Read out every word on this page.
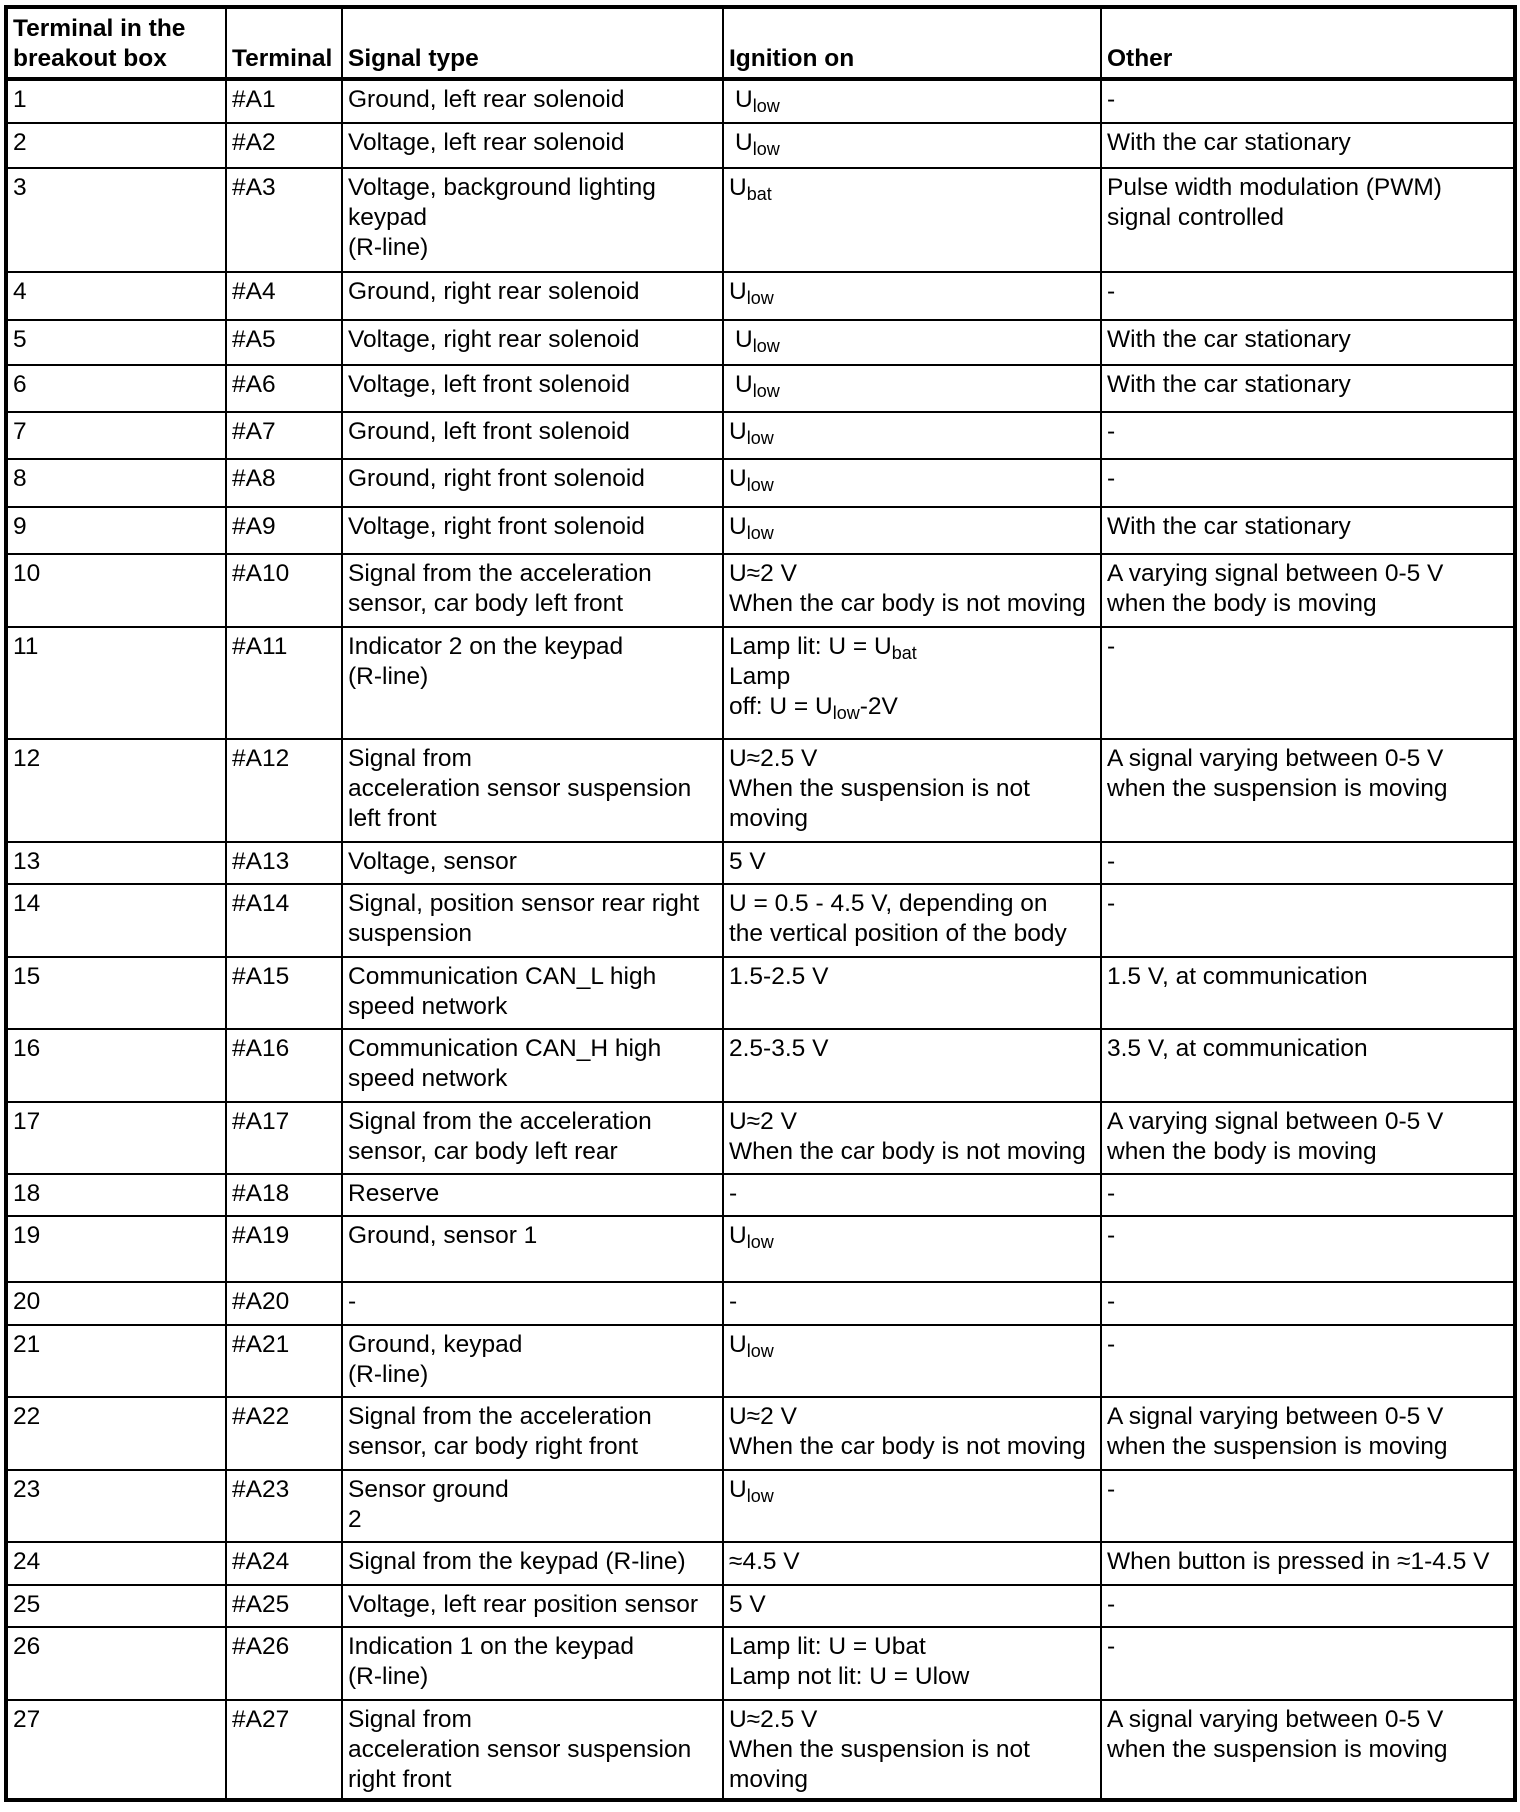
Terminal in the
breakout box	Terminal	Signal type	Ignition on	Other

1	#A1	Ground, left rear solenoid	$U_{low}$	-

2	#A2	Voltage, left rear solenoid	$U_{low}$	With the car stationary

3	#A3	Voltage, background lighting
keypad
(R-line)	$U_{bat}$	Pulse width modulation (PWM)
signal controlled

4	#A4	Ground, right rear solenoid	$U_{low}$	-

5	#A5	Voltage, right rear solenoid	$U_{low}$	With the car stationary

6	#A6	Voltage, left front solenoid	$U_{low}$	With the car stationary

7	#A7	Ground, left front solenoid	$U_{low}$	-

8	#A8	Ground, right front solenoid	$U_{low}$	-

9	#A9	Voltage, right front solenoid	$U_{low}$	With the car stationary

10	#A10	Signal from the acceleration
sensor, car body left front	U≈2 V
When the car body is not moving	A varying signal between 0-5 V
when the body is moving

11	#A11	Indicator 2 on the keypad
(R-line)	Lamp lit: $U = U_{bat}$
Lamp
off: $U = U_{low}-2V$	-

12	#A12	Signal from
acceleration sensor suspension
left front	U≈2.5 V
When the suspension is not
moving	A signal varying between 0-5 V
when the suspension is moving

13	#A13	Voltage, sensor	5 V	-

14	#A14	Signal, position sensor rear right
suspension	U = 0.5 - 4.5 V, depending on
the vertical position of the body	-

15	#A15	Communication CAN_L high
speed network	1.5-2.5 V	1.5 V, at communication

16	#A16	Communication CAN_H high
speed network	2.5-3.5 V	3.5 V, at communication

17	#A17	Signal from the acceleration
sensor, car body left rear	U≈2 V
When the car body is not moving	A varying signal between 0-5 V
when the body is moving

18	#A18	Reserve	-	-

19	#A19	Ground, sensor 1	$U_{low}$	-

20	#A20	-	-	-

21	#A21	Ground, keypad
(R-line)	$U_{low}$	-

22	#A22	Signal from the acceleration
sensor, car body right front	U≈2 V
When the car body is not moving	A signal varying between 0-5 V
when the suspension is moving

23	#A23	Sensor ground
2	$U_{low}$	-

24	#A24	Signal from the keypad (R-line)	≈4.5 V	When button is pressed in ≈1-4.5 V

25	#A25	Voltage, left rear position sensor	5 V	-

26	#A26	Indication 1 on the keypad
(R-line)	Lamp lit: U = Ubat
Lamp not lit: U = Ulow	-

27	#A27	Signal from
acceleration sensor suspension
right front	U≈2.5 V
When the suspension is not
moving	A signal varying between 0-5 V
when the suspension is moving
